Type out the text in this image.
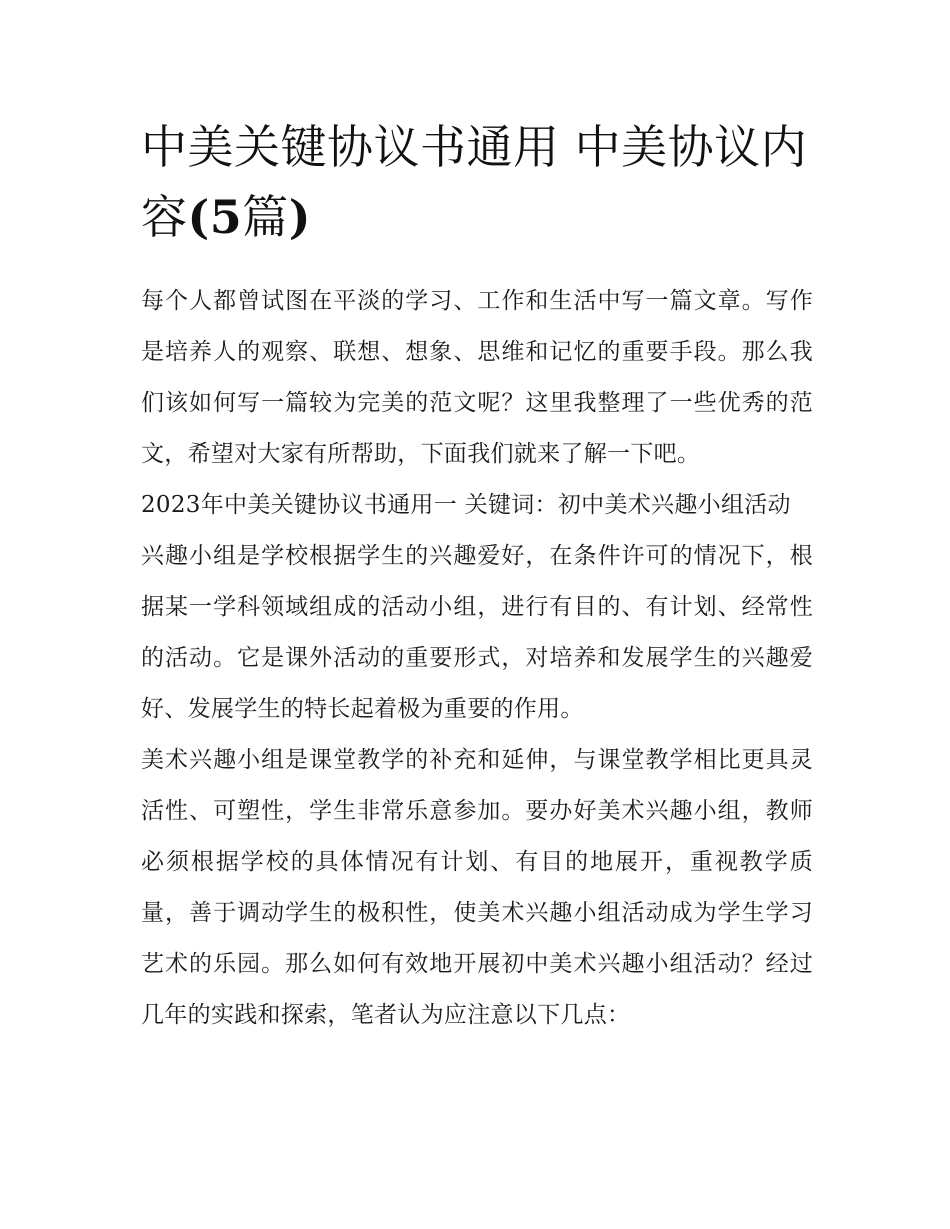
中美关键协议书通用 中美协议内容(5篇)

每个人都曾试图在平淡的学习、工作和生活中写一篇文章。写作是培养人的观察、联想、想象、思维和记忆的重要手段。那么我们该如何写一篇较为完美的范文呢？这里我整理了一些优秀的范文，希望对大家有所帮助，下面我们就来了解一下吧。

2023年中美关键协议书通用一 关键词：初中美术兴趣小组活动

兴趣小组是学校根据学生的兴趣爱好，在条件许可的情况下，根据某一学科领域组成的活动小组，进行有目的、有计划、经常性的活动。它是课外活动的重要形式，对培养和发展学生的兴趣爱好、发展学生的特长起着极为重要的作用。

美术兴趣小组是课堂教学的补充和延伸，与课堂教学相比更具灵活性、可塑性，学生非常乐意参加。要办好美术兴趣小组，教师必须根据学校的具体情况有计划、有目的地展开，重视教学质量，善于调动学生的极积性，使美术兴趣小组活动成为学生学习艺术的乐园。那么如何有效地开展初中美术兴趣小组活动？经过几年的实践和探索，笔者认为应注意以下几点：
